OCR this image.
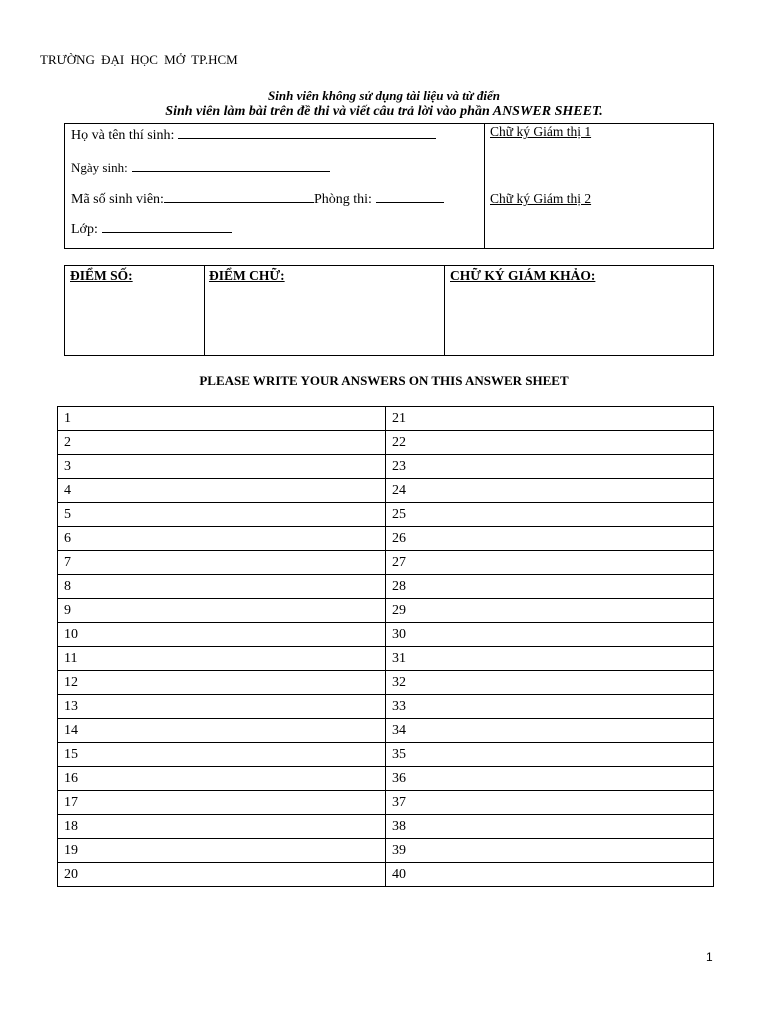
TRƯỜNG ĐẠI HỌC MỞ TP.HCM
Sinh viên không sử dụng tài liệu và từ điển
Sinh viên làm bài trên đề thi và viết câu trả lời vào phần ANSWER SHEET.
Họ và tên thí sinh:
Ngày sinh:
Mã số sinh viên:	Phòng thi:
Lớp:
Chữ ký Giám thị 1
Chữ ký Giám thị 2
ĐIỂM SỐ:	ĐIỂM CHỮ:	CHỮ KÝ GIÁM KHẢO:
PLEASE WRITE YOUR ANSWERS ON THIS ANSWER SHEET
1	21
2	22
3	23
4	24
5	25
6	26
7	27
8	28
9	29
10	30
11	31
12	32
13	33
14	34
15	35
16	36
17	37
18	38
19	39
20	40
1
